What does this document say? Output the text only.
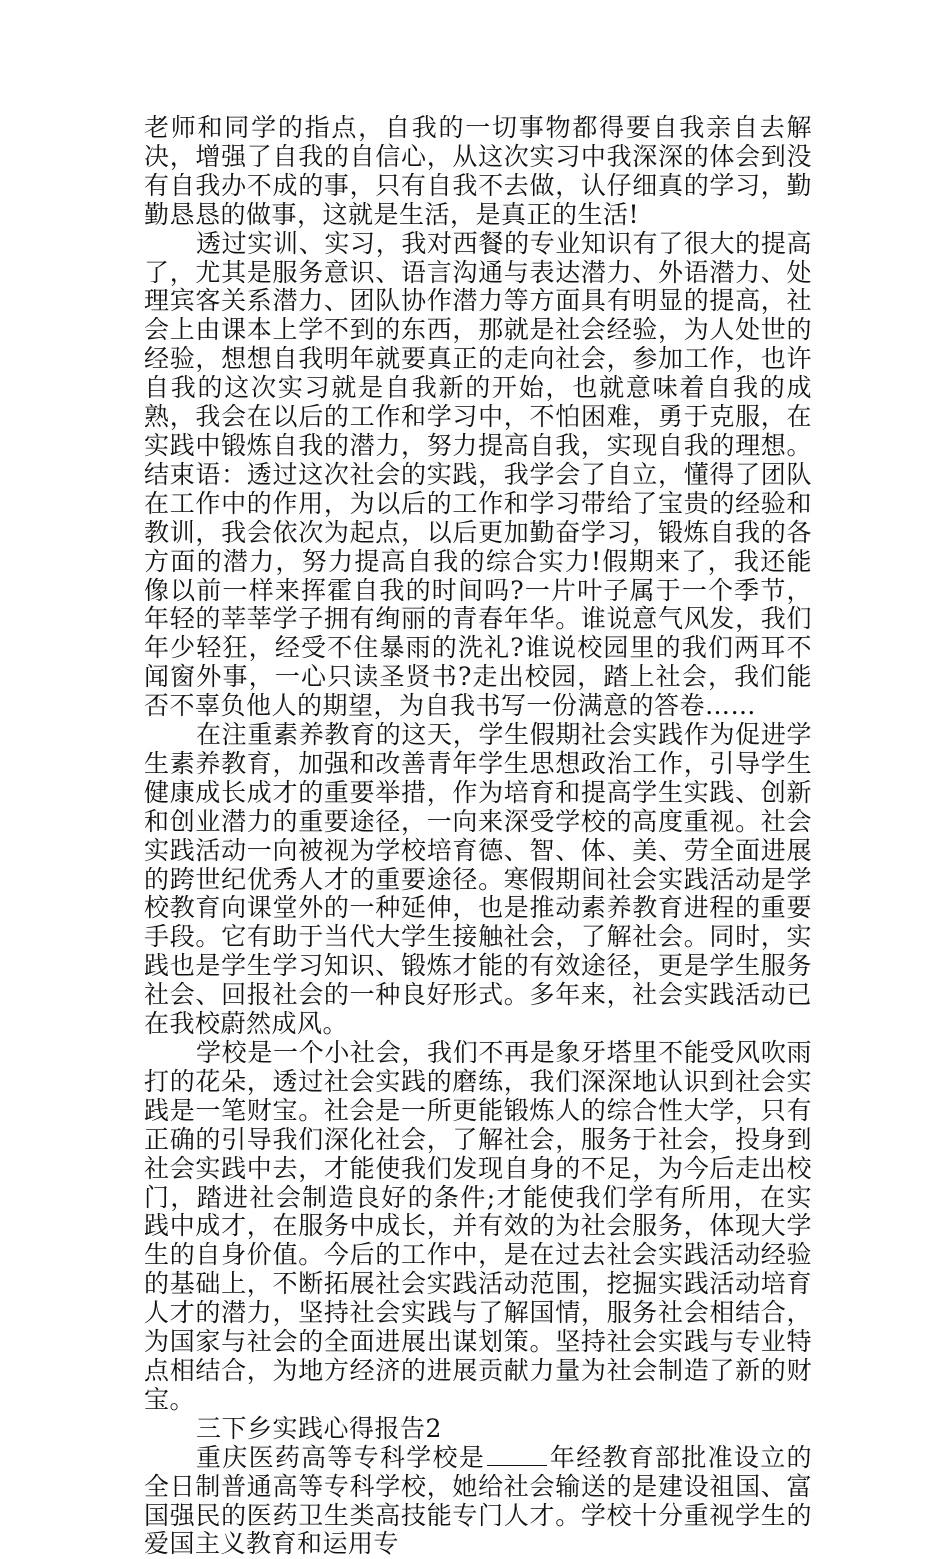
老师和同学的指点，自我的一切事物都得要自我亲自去解决，增强了自我的自信心，从这次实习中我深深的体会到没有自我办不成的事，只有自我不去做，认仔细真的学习，勤勤恳恳的做事，这就是生活，是真正的生活!

透过实训、实习，我对西餐的专业知识有了很大的提高了，尤其是服务意识、语言沟通与表达潜力、外语潜力、处理宾客关系潜力、团队协作潜力等方面具有明显的提高，社会上由课本上学不到的东西，那就是社会经验，为人处世的经验，想想自我明年就要真正的走向社会，参加工作，也许自我的这次实习就是自我新的开始，也就意味着自我的成熟，我会在以后的工作和学习中，不怕困难，勇于克服，在实践中锻炼自我的潜力，努力提高自我，实现自我的理想。结束语：透过这次社会的实践，我学会了自立，懂得了团队在工作中的作用，为以后的工作和学习带给了宝贵的经验和教训，我会依次为起点，以后更加勤奋学习，锻炼自我的各方面的潜力，努力提高自我的综合实力!假期来了，我还能像以前一样来挥霍自我的时间吗?一片叶子属于一个季节，年轻的莘莘学子拥有绚丽的青春年华。谁说意气风发，我们年少轻狂，经受不住暴雨的洗礼?谁说校园里的我们两耳不闻窗外事，一心只读圣贤书?走出校园，踏上社会，我们能否不辜负他人的期望，为自我书写一份满意的答卷……

在注重素养教育的这天，学生假期社会实践作为促进学生素养教育，加强和改善青年学生思想政治工作，引导学生健康成长成才的重要举措，作为培育和提高学生实践、创新和创业潜力的重要途径，一向来深受学校的高度重视。社会实践活动一向被视为学校培育德、智、体、美、劳全面进展的跨世纪优秀人才的重要途径。寒假期间社会实践活动是学校教育向课堂外的一种延伸，也是推动素养教育进程的重要手段。它有助于当代大学生接触社会，了解社会。同时，实践也是学生学习知识、锻炼才能的有效途径，更是学生服务社会、回报社会的一种良好形式。多年来，社会实践活动已在我校蔚然成风。

学校是一个小社会，我们不再是象牙塔里不能受风吹雨打的花朵，透过社会实践的磨练，我们深深地认识到社会实践是一笔财宝。社会是一所更能锻炼人的综合性大学，只有正确的引导我们深化社会，了解社会，服务于社会，投身到社会实践中去，才能使我们发现自身的不足，为今后走出校门，踏进社会制造良好的条件;才能使我们学有所用，在实践中成才，在服务中成长，并有效的为社会服务，体现大学生的自身价值。今后的工作中，是在过去社会实践活动经验的基础上，不断拓展社会实践活动范围，挖掘实践活动培育人才的潜力，坚持社会实践与了解国情，服务社会相结合，为国家与社会的全面进展出谋划策。坚持社会实践与专业特点相结合，为地方经济的进展贡献力量为社会制造了新的财宝。

三下乡实践心得报告2

重庆医药高等专科学校是	年经教育部批准设立的全日制普通高等专科学校，她给社会输送的是建设祖国、富国强民的医药卫生类高技能专门人才。学校十分重视学生的爱国主义教育和运用专
